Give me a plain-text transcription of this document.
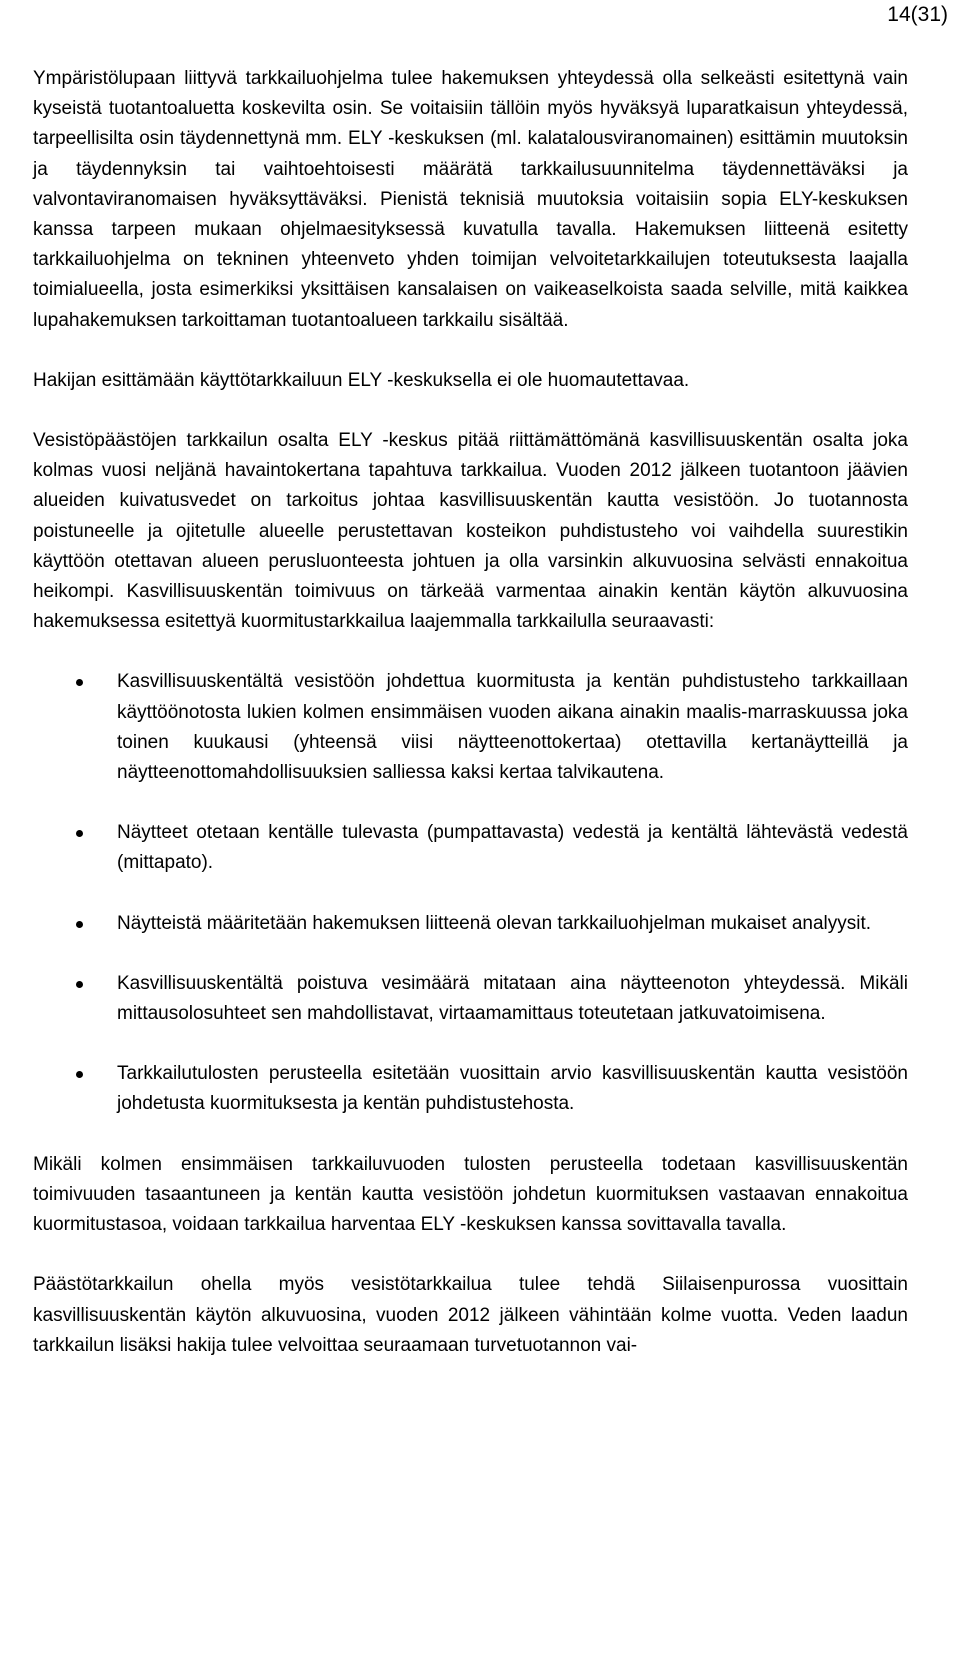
14(31)

Ympäristölupaan liittyvä tarkkailuohjelma tulee hakemuksen yhteydessä olla selkeästi esitettynä vain kyseistä tuotantoaluetta koskevilta osin. Se voitaisiin tällöin myös hyväksyä luparatkaisun yhteydessä, tarpeellisilta osin täydennettynä mm. ELY -keskuksen (ml. kalatalousviranomainen) esittämin muutoksin ja täydennyksin tai vaihtoehtoisesti määrätä tarkkailusuunnitelma täydennettäväksi ja valvontaviranomaisen hyväksyttäväksi. Pienistä teknisiä muutoksia voitaisiin sopia ELY-keskuksen kanssa tarpeen mukaan ohjelmaesityksessä kuvatulla tavalla. Hakemuksen liitteenä esitetty tarkkailuohjelma on tekninen yhteenveto yhden toimijan velvoitetarkkailujen toteutuksesta laajalla toimialueella, josta esimerkiksi yksittäisen kansalaisen on vaikeaselkoista saada selville, mitä kaikkea lupahakemuksen tarkoittaman tuotantoalueen tarkkailu sisältää.

Hakijan esittämään käyttötarkkailuun ELY -keskuksella ei ole huomautettavaa.

Vesistöpäästöjen tarkkailun osalta ELY -keskus pitää riittämättömänä kasvillisuuskentän osalta joka kolmas vuosi neljänä havaintokertana tapahtuva tarkkailua. Vuoden 2012 jälkeen tuotantoon jäävien alueiden kuivatusvedet on tarkoitus johtaa kasvillisuuskentän kautta vesistöön. Jo tuotannosta poistuneelle ja ojitetulle alueelle perustettavan kosteikon puhdistusteho voi vaihdella suurestikin käyttöön otettavan alueen perusluonteesta johtuen ja olla varsinkin alkuvuosina selvästi ennakoitua heikompi. Kasvillisuuskentän toimivuus on tärkeää varmentaa ainakin kentän käytön alkuvuosina hakemuksessa esitettyä kuormitustarkkailua laajemmalla tarkkailulla seuraavasti:

Kasvillisuuskentältä vesistöön johdettua kuormitusta ja kentän puhdistusteho tarkkaillaan käyttöönotosta lukien kolmen ensimmäisen vuoden aikana ainakin maalis-marraskuussa joka toinen kuukausi (yhteensä viisi näytteenottokertaa) otettavilla kertanäytteillä ja näytteenottomahdollisuuksien salliessa kaksi kertaa talvikautena.
Näytteet otetaan kentälle tulevasta (pumpattavasta) vedestä ja kentältä lähtevästä vedestä (mittapato).
Näytteistä määritetään hakemuksen liitteenä olevan tarkkailuohjelman mukaiset analyysit.
Kasvillisuuskentältä poistuva vesimäärä mitataan aina näytteenoton yhteydessä. Mikäli mittausolosuhteet sen mahdollistavat, virtaamamittaus toteutetaan jatkuvatoimisena.
Tarkkailutulosten perusteella esitetään vuosittain arvio kasvillisuuskentän kautta vesistöön johdetusta kuormituksesta ja kentän puhdistustehosta.

Mikäli kolmen ensimmäisen tarkkailuvuoden tulosten perusteella todetaan kasvillisuuskentän toimivuuden tasaantuneen ja kentän kautta vesistöön johdetun kuormituksen vastaavan ennakoitua kuormitustasoa, voidaan tarkkailua harventaa ELY -keskuksen kanssa sovittavalla tavalla.

Päästötarkkailun ohella myös vesistötarkkailua tulee tehdä Siilaisenpurossa vuosittain kasvillisuuskentän käytön alkuvuosina, vuoden 2012 jälkeen vähintään kolme vuotta. Veden laadun tarkkailun lisäksi hakija tulee velvoittaa seuraamaan turvetuotannon vai-
